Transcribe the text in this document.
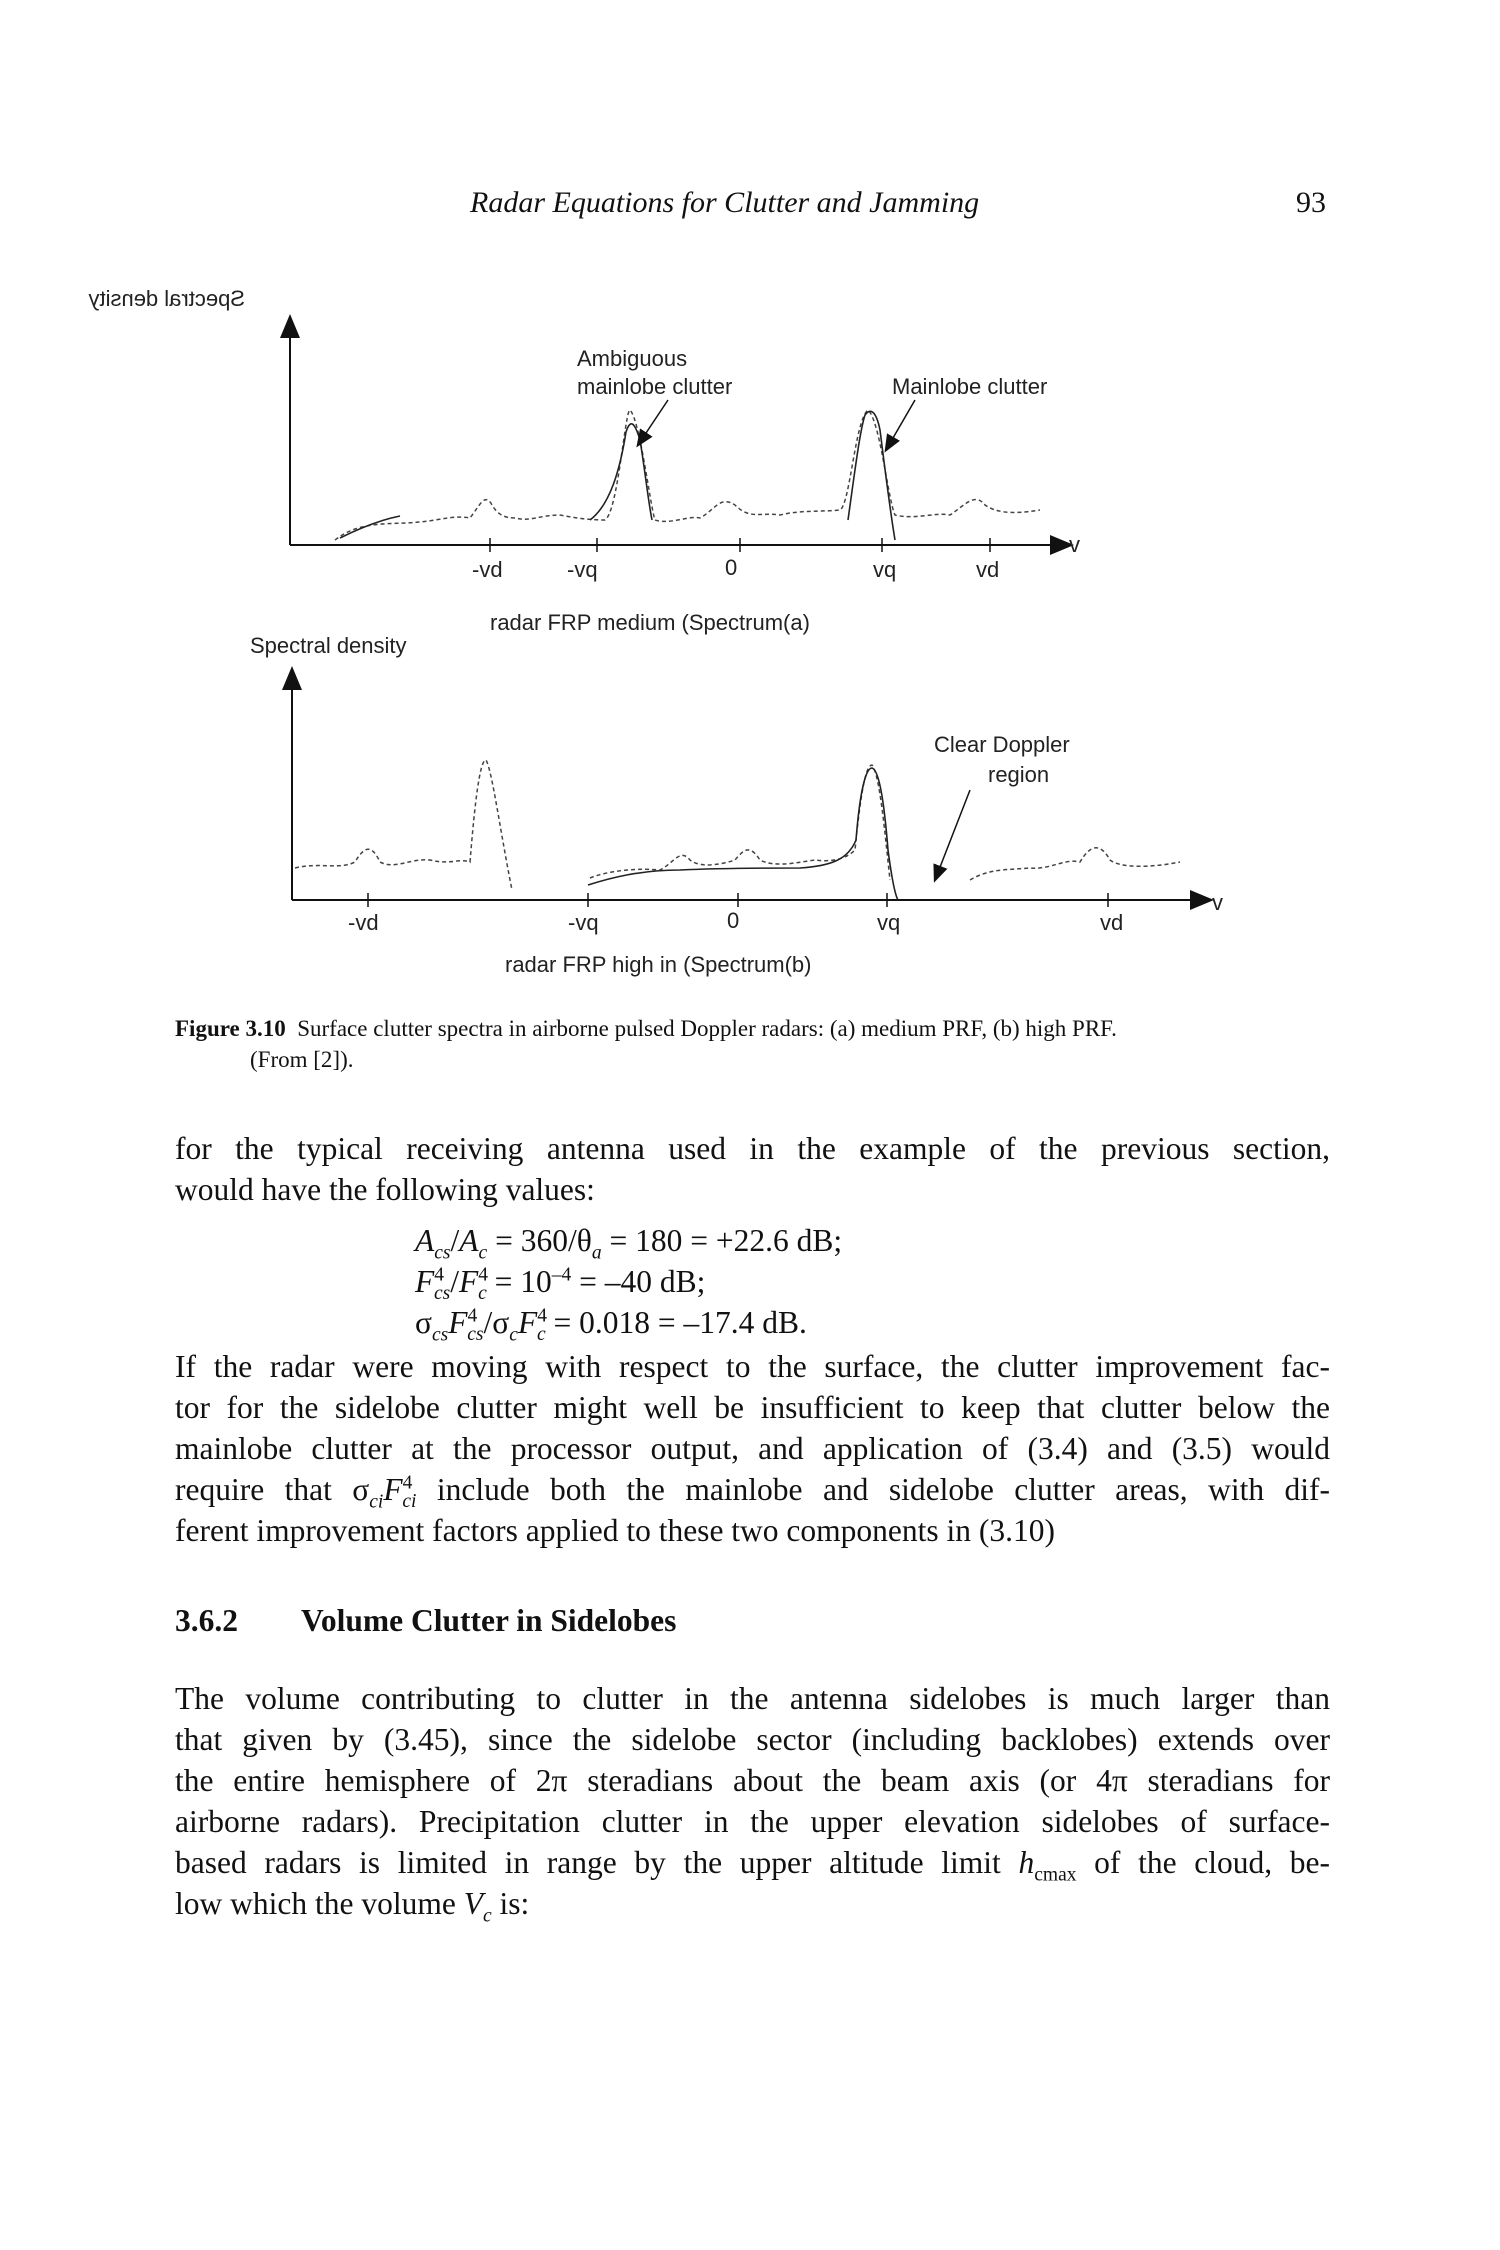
Radar Equations for Clutter and Jamming	93
Spectral density
v
-vd	-vq	0	vq	vd
Ambiguous
mainlobe clutter	Mainlobe clutter
radar FRP medium (Spectrum(a)
Spectral density
v
-vd	-vq	0	vq	vd
Clear Doppler
region
radar FRP high in (Spectrum(b)
Figure 3.10 Surface clutter spectra in airborne pulsed Doppler radars: (a) medium PRF, (b) high PRF.
(From [2]).
for the typical receiving antenna used in the example of the previous section,
would have the following values:
$A_{cs}/A_c = 360/\theta_a = 180 = +22.6$ dB;
$F^4_{cs}/F^4_c = 10^{-4} = -40$ dB;
$\sigma_{cs}F^4_{cs}/\sigma_cF^4_c = 0.018 = -17.4$ dB.
If the radar were moving with respect to the surface, the clutter improvement fac-
tor for the sidelobe clutter might well be insufficient to keep that clutter below the
mainlobe clutter at the processor output, and application of (3.4) and (3.5) would
require that $\sigma_{ci}F^4_{ci}$ include both the mainlobe and sidelobe clutter areas, with dif-
ferent improvement factors applied to these two components in (3.10)
3.6.2 Volume Clutter in Sidelobes
The volume contributing to clutter in the antenna sidelobes is much larger than
that given by (3.45), since the sidelobe sector (including backlobes) extends over
the entire hemisphere of 2π steradians about the beam axis (or 4π steradians for
airborne radars). Precipitation clutter in the upper elevation sidelobes of surface-
based radars is limited in range by the upper altitude limit $h_{cmax}$ of the cloud, be-
low which the volume $V_c$ is:
